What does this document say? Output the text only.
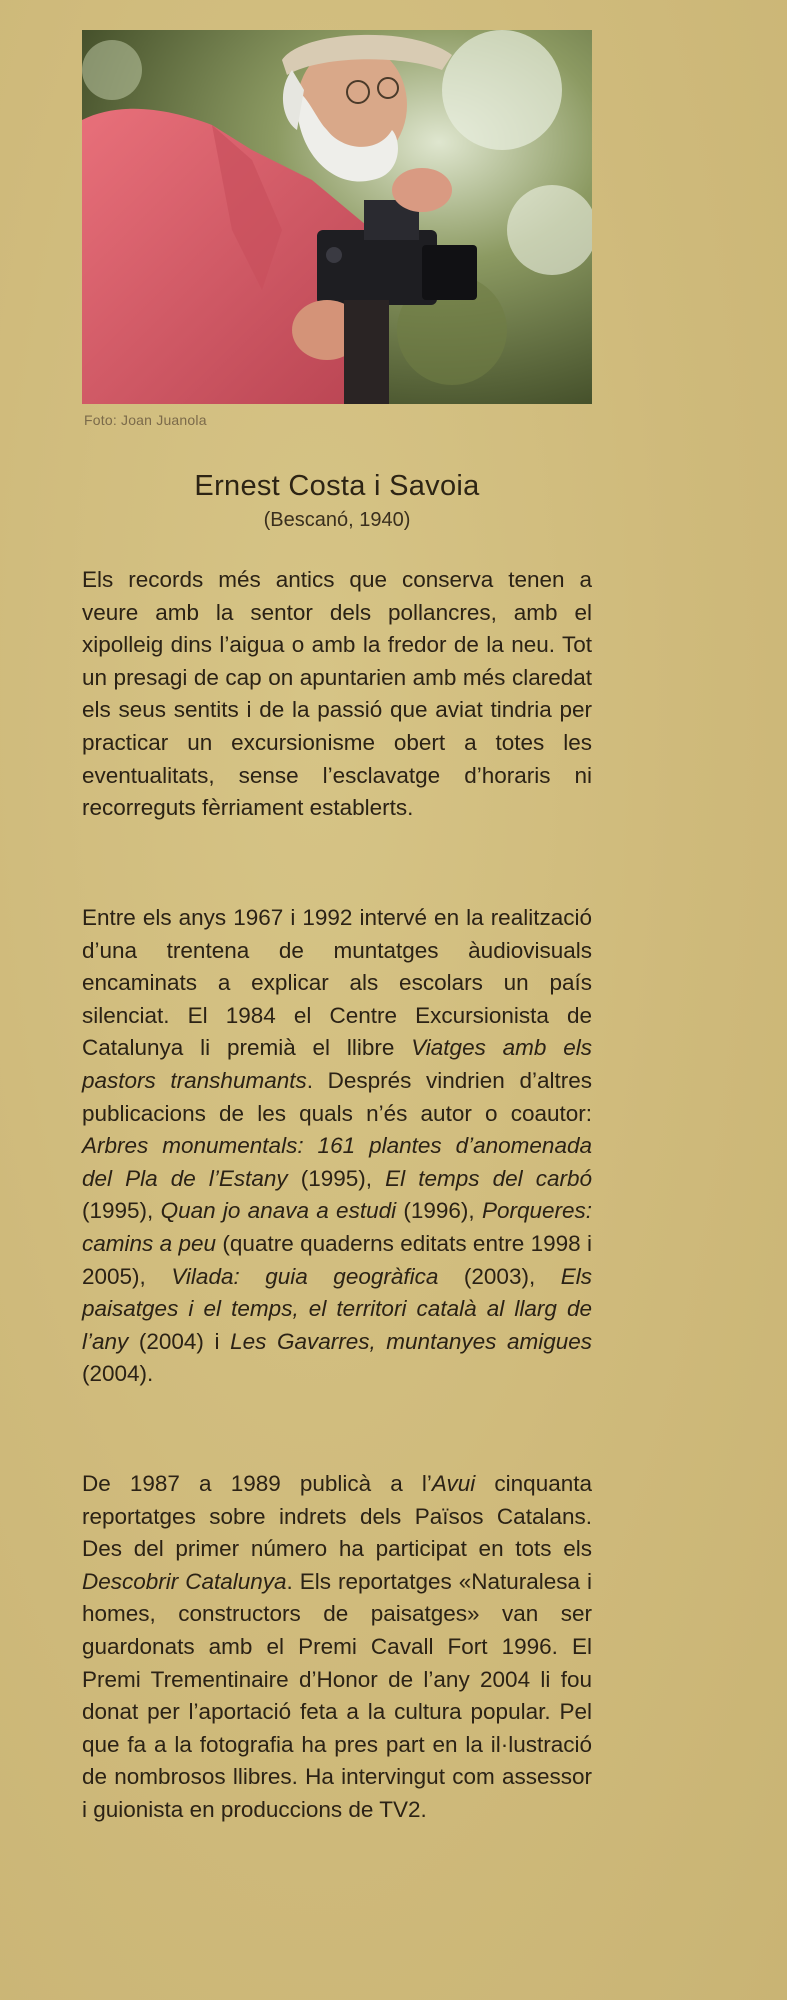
Foto: Joan Juanola
Ernest Costa i Savoia
(Bescanó, 1940)

Els records més antics que conserva tenen a veure amb la sentor dels pollancres, amb el xipolleig dins l’aigua o amb la fredor de la neu. Tot un presagi de cap on apuntarien amb més claredat els seus sentits i de la passió que aviat tindria per practicar un excursionisme obert a totes les eventualitats, sense l’esclavatge d’horaris ni recorreguts fèrriament establerts.

Entre els anys 1967 i 1992 intervé en la realització d’una trentena de muntatges àudiovisuals encaminats a explicar als escolars un país silenciat. El 1984 el Centre Excursionista de Catalunya li premià el llibre Viatges amb els pastors transhumants. Després vindrien d’altres publicacions de les quals n’és autor o coautor: Arbres monumentals: 161 plantes d’anomenada del Pla de l’Estany (1995), El temps del carbó (1995), Quan jo anava a estudi (1996), Porqueres: camins a peu (quatre quaderns editats entre 1998 i 2005), Vilada: guia geogràfica (2003), Els paisatges i el temps, el territori català al llarg de l’any (2004) i Les Gavarres, muntanyes amigues (2004).

De 1987 a 1989 publicà a l’Avui cinquanta reportatges sobre indrets dels Països Catalans. Des del primer número ha participat en tots els Descobrir Catalunya. Els reportatges «Naturalesa i homes, constructors de paisatges» van ser guardonats amb el Premi Cavall Fort 1996. El Premi Trementinaire d’Honor de l’any 2004 li fou donat per l’aportació feta a la cultura popular. Pel que fa a la fotografia ha pres part en la il·lustració de nombrosos llibres. Ha intervingut com assessor i guionista en produccions de TV2.
